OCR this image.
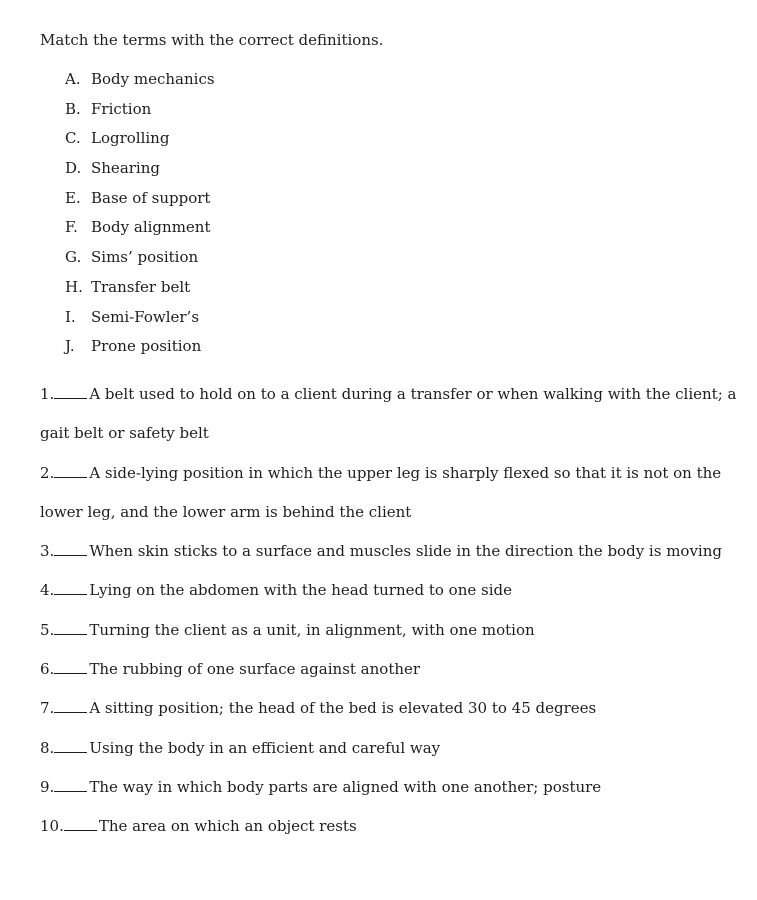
Match the terms with the correct definitions.

A. Body mechanics
B. Friction
C. Logrolling
D. Shearing
E. Base of support
F. Body alignment
G. Sims’ position
H. Transfer belt
I. Semi-Fowler’s
J. Prone position
1. A belt used to hold on to a client during a transfer or when walking with the client; a
gait belt or safety belt
2. A side-lying position in which the upper leg is sharply flexed so that it is not on the
lower leg, and the lower arm is behind the client
3. When skin sticks to a surface and muscles slide in the direction the body is moving
4. Lying on the abdomen with the head turned to one side
5. Turning the client as a unit, in alignment, with one motion
6. The rubbing of one surface against another
7. A sitting position; the head of the bed is elevated 30 to 45 degrees
8. Using the body in an efficient and careful way
9. The way in which body parts are aligned with one another; posture
10. The area on which an object rests
